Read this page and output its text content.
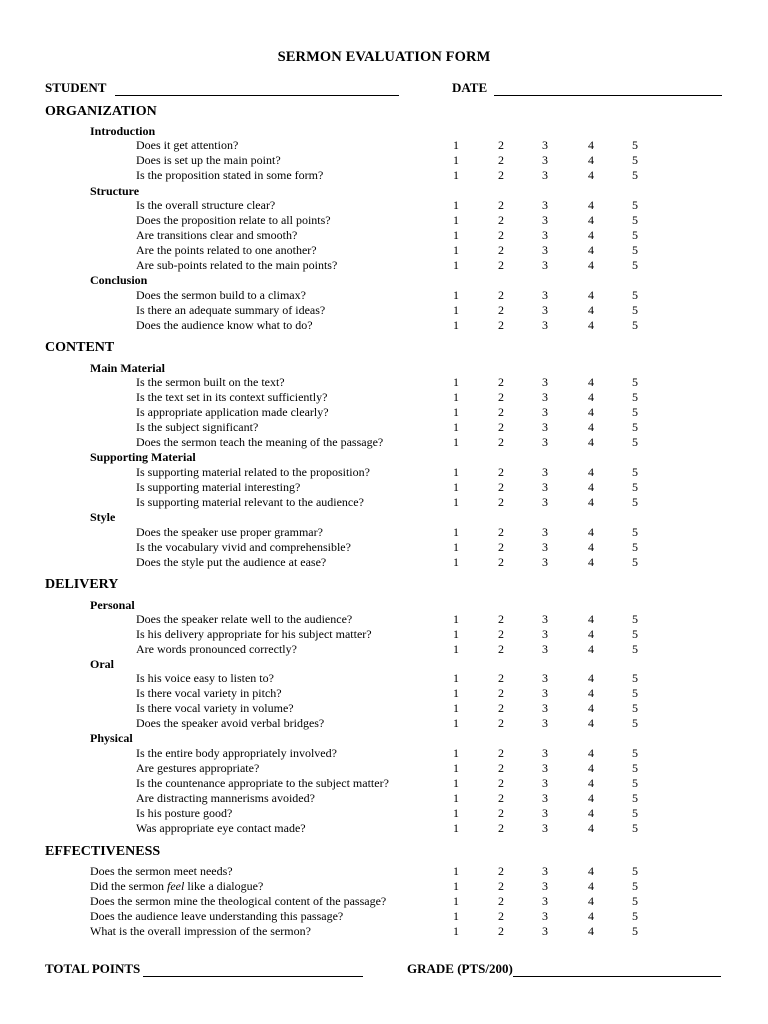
SERMON EVALUATION FORM
STUDENT	DATE
ORGANIZATION
Introduction
Does it get attention?	1	2	3	4	5
Does is set up the main point?	1	2	3	4	5
Is the proposition stated in some form?	1	2	3	4	5
Structure
Is the overall structure clear?	1	2	3	4	5
Does the proposition relate to all points?	1	2	3	4	5
Are transitions clear and smooth?	1	2	3	4	5
Are the points related to one another?	1	2	3	4	5
Are sub-points related to the main points?	1	2	3	4	5
Conclusion
Does the sermon build to a climax?	1	2	3	4	5
Is there an adequate summary of ideas?	1	2	3	4	5
Does the audience know what to do?	1	2	3	4	5
CONTENT
Main Material
Is the sermon built on the text?	1	2	3	4	5
Is the text set in its context sufficiently?	1	2	3	4	5
Is appropriate application made clearly?	1	2	3	4	5
Is the subject significant?	1	2	3	4	5
Does the sermon teach the meaning of the passage?	1	2	3	4	5
Supporting Material
Is supporting material related to the proposition?	1	2	3	4	5
Is supporting material interesting?	1	2	3	4	5
Is supporting material relevant to the audience?	1	2	3	4	5
Style
Does the speaker use proper grammar?	1	2	3	4	5
Is the vocabulary vivid and comprehensible?	1	2	3	4	5
Does the style put the audience at ease?	1	2	3	4	5
DELIVERY
Personal
Does the speaker relate well to the audience?	1	2	3	4	5
Is his delivery appropriate for his subject matter?	1	2	3	4	5
Are words pronounced correctly?	1	2	3	4	5
Oral
Is his voice easy to listen to?	1	2	3	4	5
Is there vocal variety in pitch?	1	2	3	4	5
Is there vocal variety in volume?	1	2	3	4	5
Does the speaker avoid verbal bridges?	1	2	3	4	5
Physical
Is the entire body appropriately involved?	1	2	3	4	5
Are gestures appropriate?	1	2	3	4	5
Is the countenance appropriate to the subject matter?	1	2	3	4	5
Are distracting mannerisms avoided?	1	2	3	4	5
Is his posture good?	1	2	3	4	5
Was appropriate eye contact made?	1	2	3	4	5
EFFECTIVENESS
Does the sermon meet needs?	1	2	3	4	5
Did the sermon feel like a dialogue?	1	2	3	4	5
Does the sermon mine the theological content of the passage?	1	2	3	4	5
Does the audience leave understanding this passage?	1	2	3	4	5
What is the overall impression of the sermon?	1	2	3	4	5
TOTAL POINTS	GRADE (PTS/200)
